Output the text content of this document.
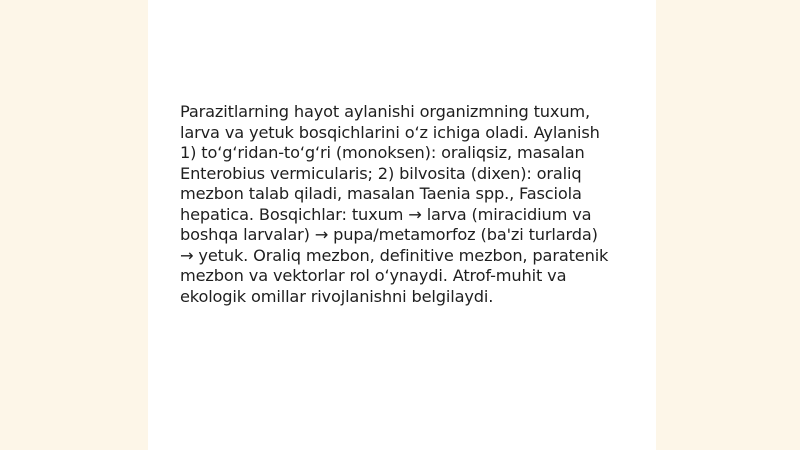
Parazitlarning hayot aylanishi organizmning tuxum,
larva va yetuk bosqichlarini o‘z ichiga oladi. Aylanish
1) to‘g‘ridan-to‘g‘ri (monoksen): oraliqsiz, masalan
Enterobius vermicularis; 2) bilvosita (dixen): oraliq
mezbon talab qiladi, masalan Taenia spp., Fasciola
hepatica. Bosqichlar: tuxum → larva (miracidium va
boshqa larvalar) → pupa/metamorfoz (ba'zi turlarda)
→ yetuk. Oraliq mezbon, definitive mezbon, paratenik
mezbon va vektorlar rol o‘ynaydi. Atrof-muhit va
ekologik omillar rivojlanishni belgilaydi.
